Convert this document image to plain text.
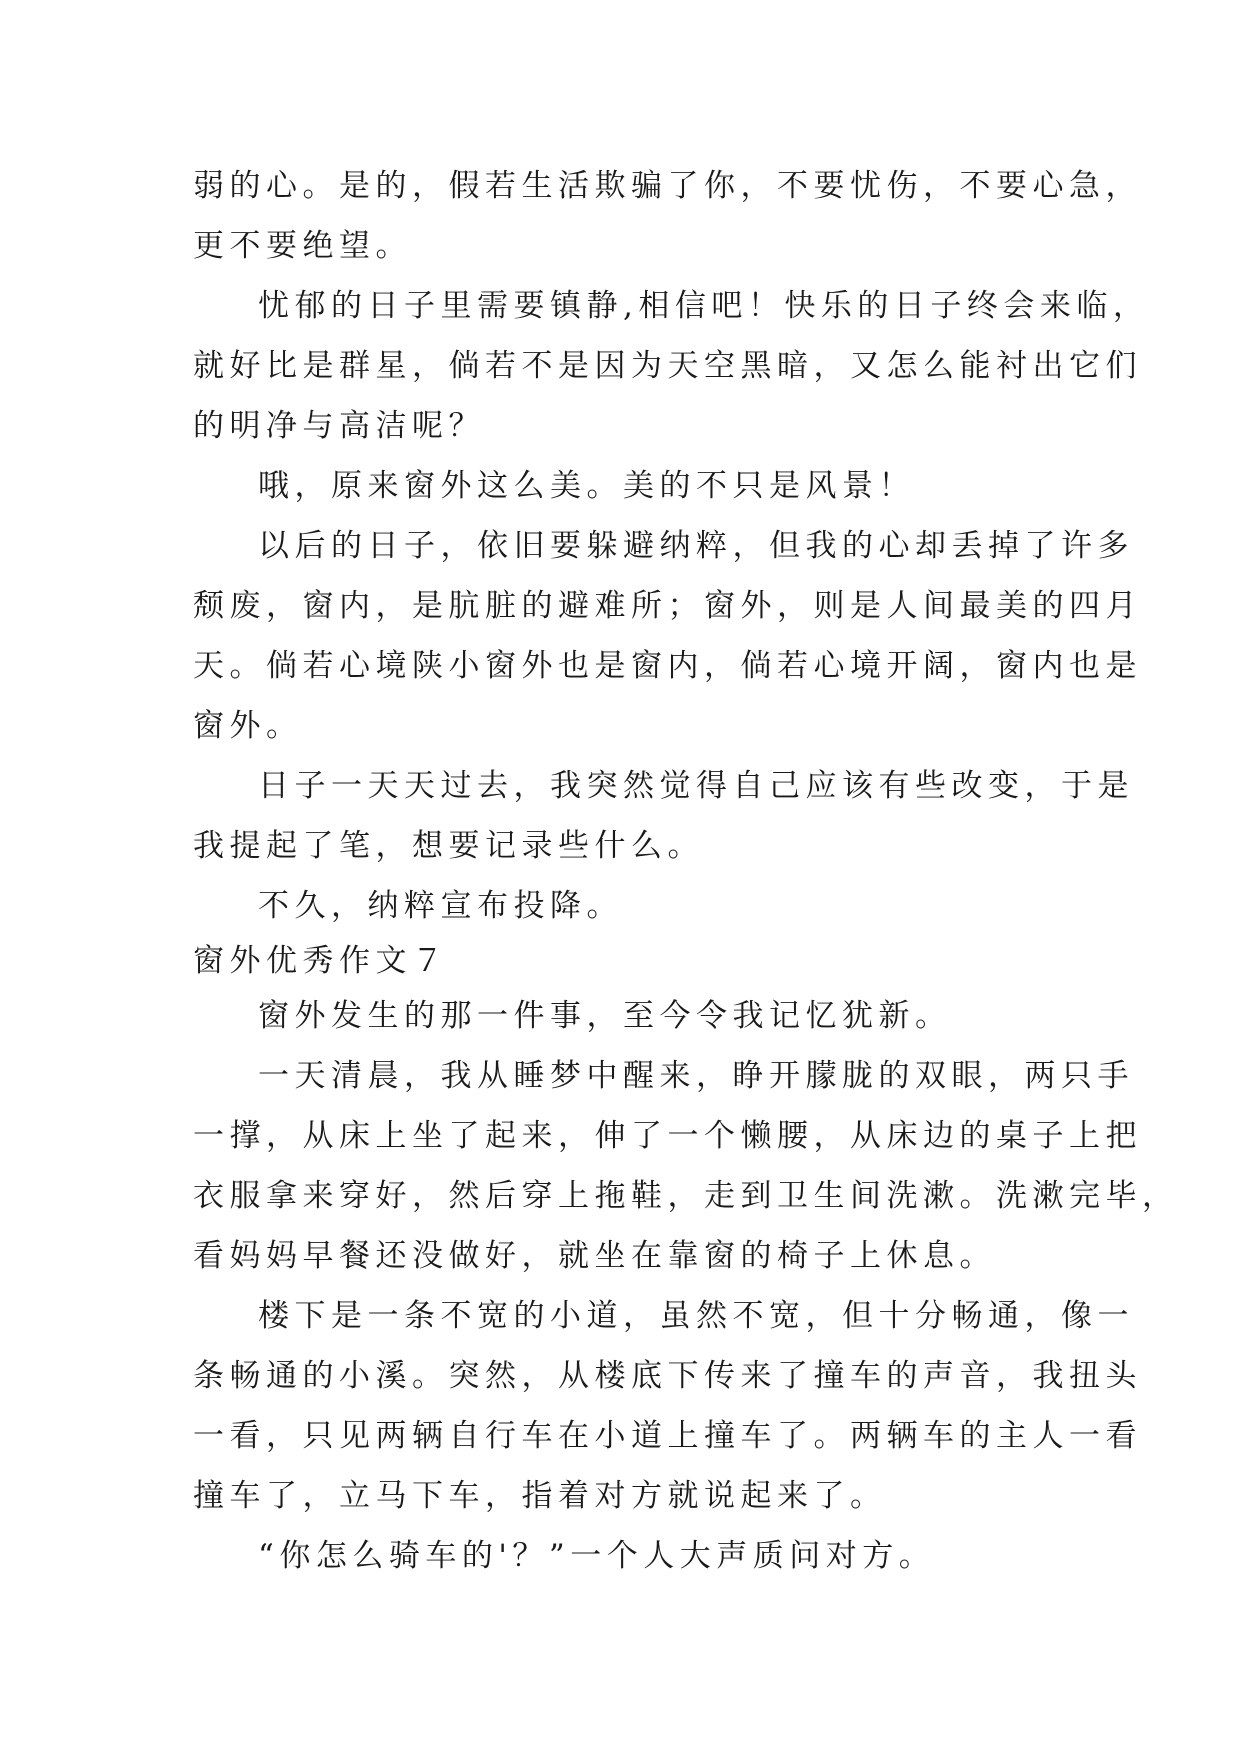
弱的心。是的，假若生活欺骗了你，不要忧伤，不要心急，
更不要绝望。
忧郁的日子里需要镇静,相信吧！快乐的日子终会来临，
就好比是群星，倘若不是因为天空黑暗，又怎么能衬出它们
的明净与高洁呢？
哦，原来窗外这么美。美的不只是风景！
以后的日子，依旧要躲避纳粹，但我的心却丢掉了许多
颓废，窗内，是肮脏的避难所；窗外，则是人间最美的四月
天。倘若心境陕小窗外也是窗内，倘若心境开阔，窗内也是
窗外。
日子一天天过去，我突然觉得自己应该有些改变，于是
我提起了笔，想要记录些什么。
不久，纳粹宣布投降。
窗外优秀作文７
窗外发生的那一件事，至今令我记忆犹新。
一天清晨，我从睡梦中醒来，睁开朦胧的双眼，两只手
一撑，从床上坐了起来，伸了一个懒腰，从床边的桌子上把
衣服拿来穿好，然后穿上拖鞋，走到卫生间洗漱。洗漱完毕，
看妈妈早餐还没做好，就坐在靠窗的椅子上休息。
楼下是一条不宽的小道，虽然不宽，但十分畅通，像一
条畅通的小溪。突然，从楼底下传来了撞车的声音，我扭头
一看，只见两辆自行车在小道上撞车了。两辆车的主人一看
撞车了，立马下车，指着对方就说起来了。
“你怎么骑车的'？”一个人大声质问对方。
